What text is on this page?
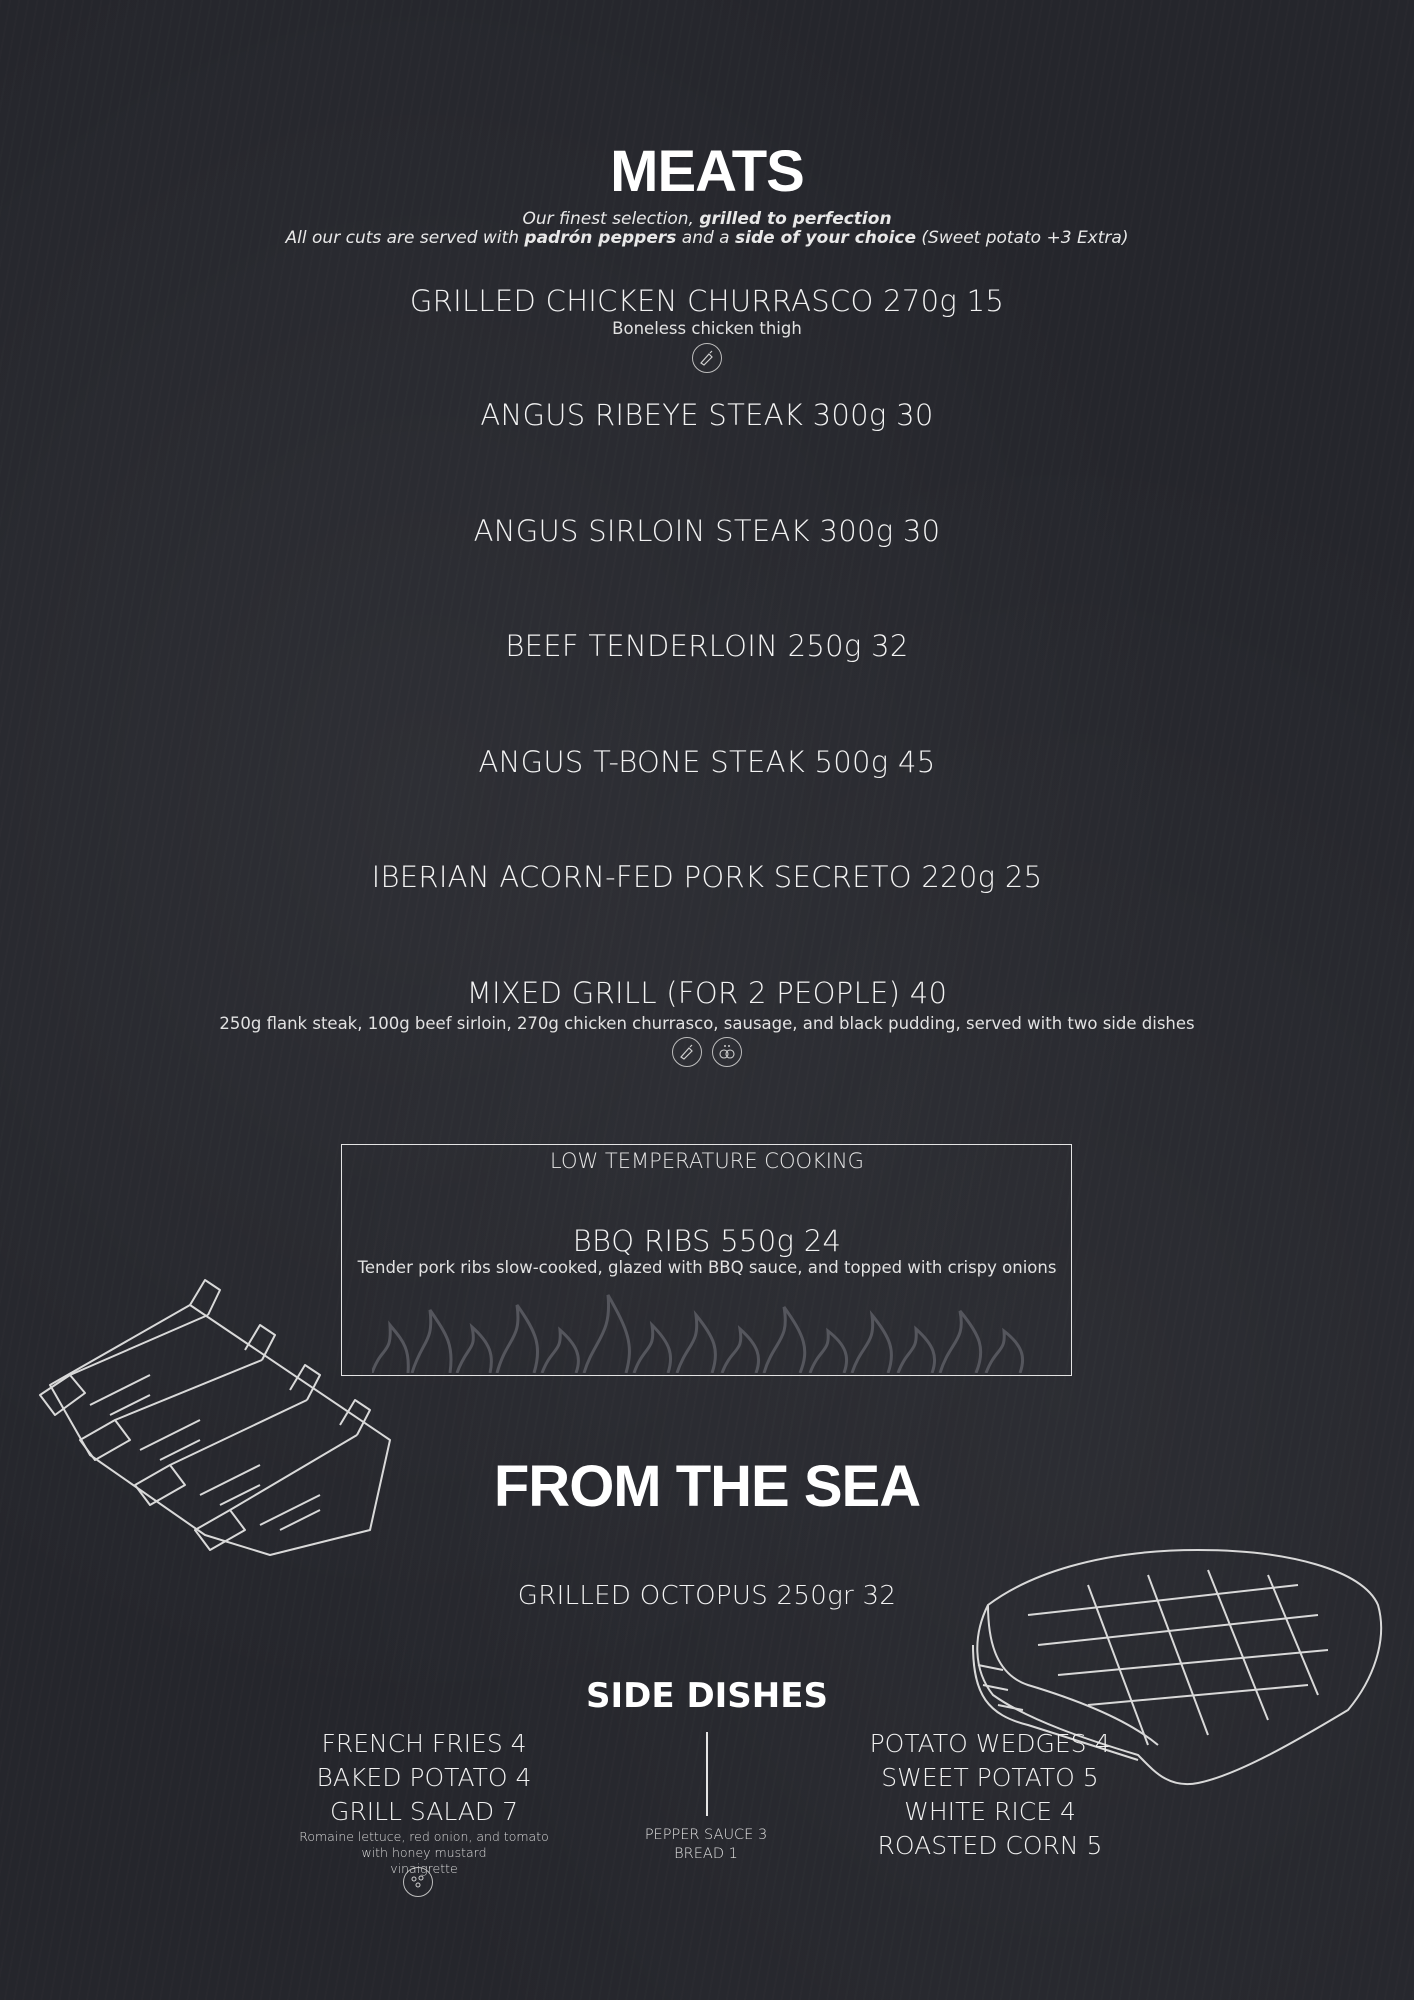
MEATS
Our finest selection, grilled to perfection
All our cuts are served with padrón peppers and a side of your choice (Sweet potato +3 Extra)
GRILLED CHICKEN CHURRASCO 270g 15
Boneless chicken thigh
ANGUS RIBEYE STEAK 300g 30
ANGUS SIRLOIN STEAK 300g 30
BEEF TENDERLOIN 250g 32
ANGUS T-BONE STEAK 500g 45
IBERIAN ACORN-FED PORK SECRETO 220g 25
MIXED GRILL (FOR 2 PEOPLE) 40
250g flank steak, 100g beef sirloin, 270g chicken churrasco, sausage, and black pudding, served with two side dishes

LOW TEMPERATURE COOKING
BBQ RIBS 550g 24
Tender pork ribs slow-cooked, glazed with BBQ sauce, and topped with crispy onions
FROM THE SEA
GRILLED OCTOPUS 250gr 32
SIDE DISHES
FRENCH FRIES 4
BAKED POTATO 4
GRILL SALAD 7
Romaine lettuce, red onion, and tomato
with honey mustard
vinaigrette
PEPPER SAUCE 3
BREAD 1
POTATO WEDGES 4
SWEET POTATO 5
WHITE RICE 4
ROASTED CORN 5
